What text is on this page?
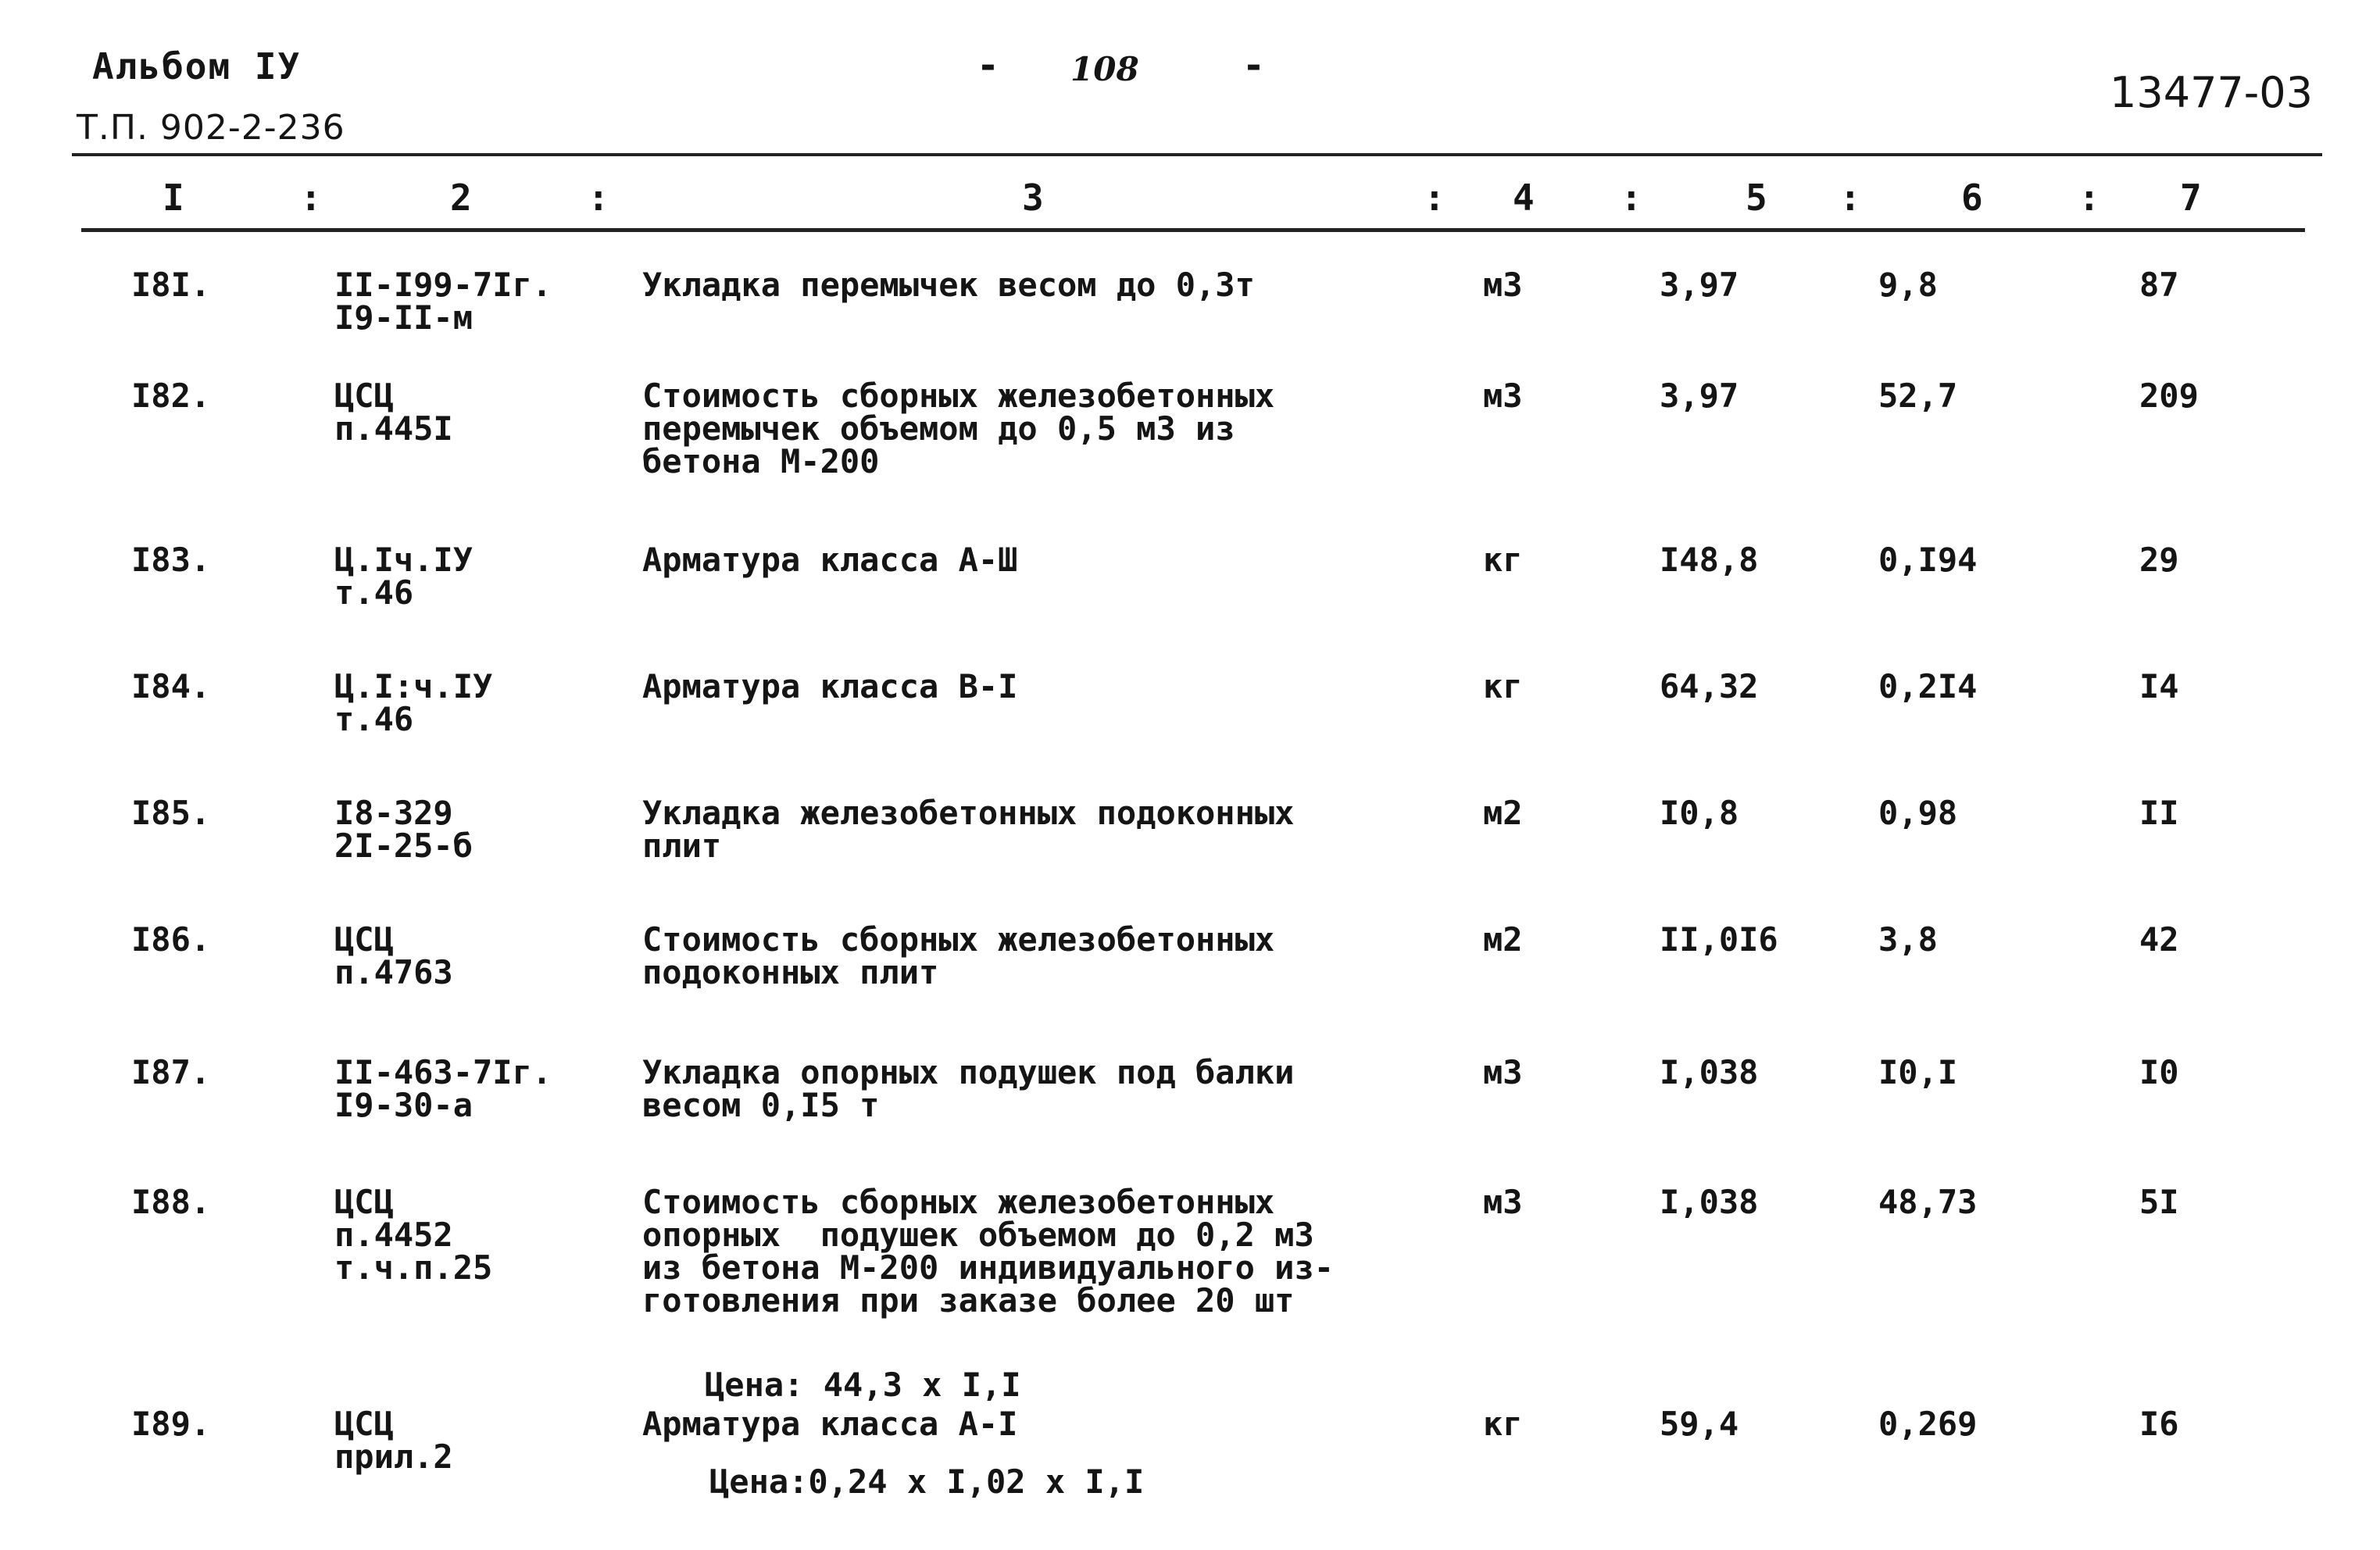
Альбом IУ
Т.П. 902-2-236
- 108	-
13477-03
I	:	2	:	3	: 4 :	5 :	6	: 7
I8I.	II-I99-7Iг.
I9-II-м
Укладка перемычек весом до 0,3т	м3	3,97	9,8	87
I82.	ЦСЦ
п.445I
Стоимость сборных железобетонных
перемычек объемом до 0,5 м3 из
бетона М-200
м3	3,97	52,7	209
I83.	Ц.Iч.IУ
т.46
Арматура класса А-Ш	кг	I48,8	0,I94	29
I84.	Ц.I:ч.IУ
т.46
Арматура класса В-I	кг	64,32	0,2I4	I4
I85.	I8-329
2I-25-б
Укладка железобетонных подоконных
плит
м2	I0,8	0,98	II
I86.	ЦСЦ
п.4763
Стоимость сборных железобетонных
подоконных плит
м2	II,0I6	3,8	42
I87.	II-463-7Iг.
I9-30-а
Укладка опорных подушек под балки
весом 0,I5 т
м3	I,038	I0,I	I0
I88.	ЦСЦ
п.4452
т.ч.п.25
Стоимость сборных железобетонных
опорных  подушек объемом до 0,2 м3
из бетона М-200 индивидуального из-
готовления при заказе более 20 шт
м3	I,038	48,73	5I
Цена: 44,3 х I,I
I89.	ЦСЦ
прил.2
Арматура класса А-I	кг	59,4	0,269	I6
Цена:0,24 х I,02 х I,I
